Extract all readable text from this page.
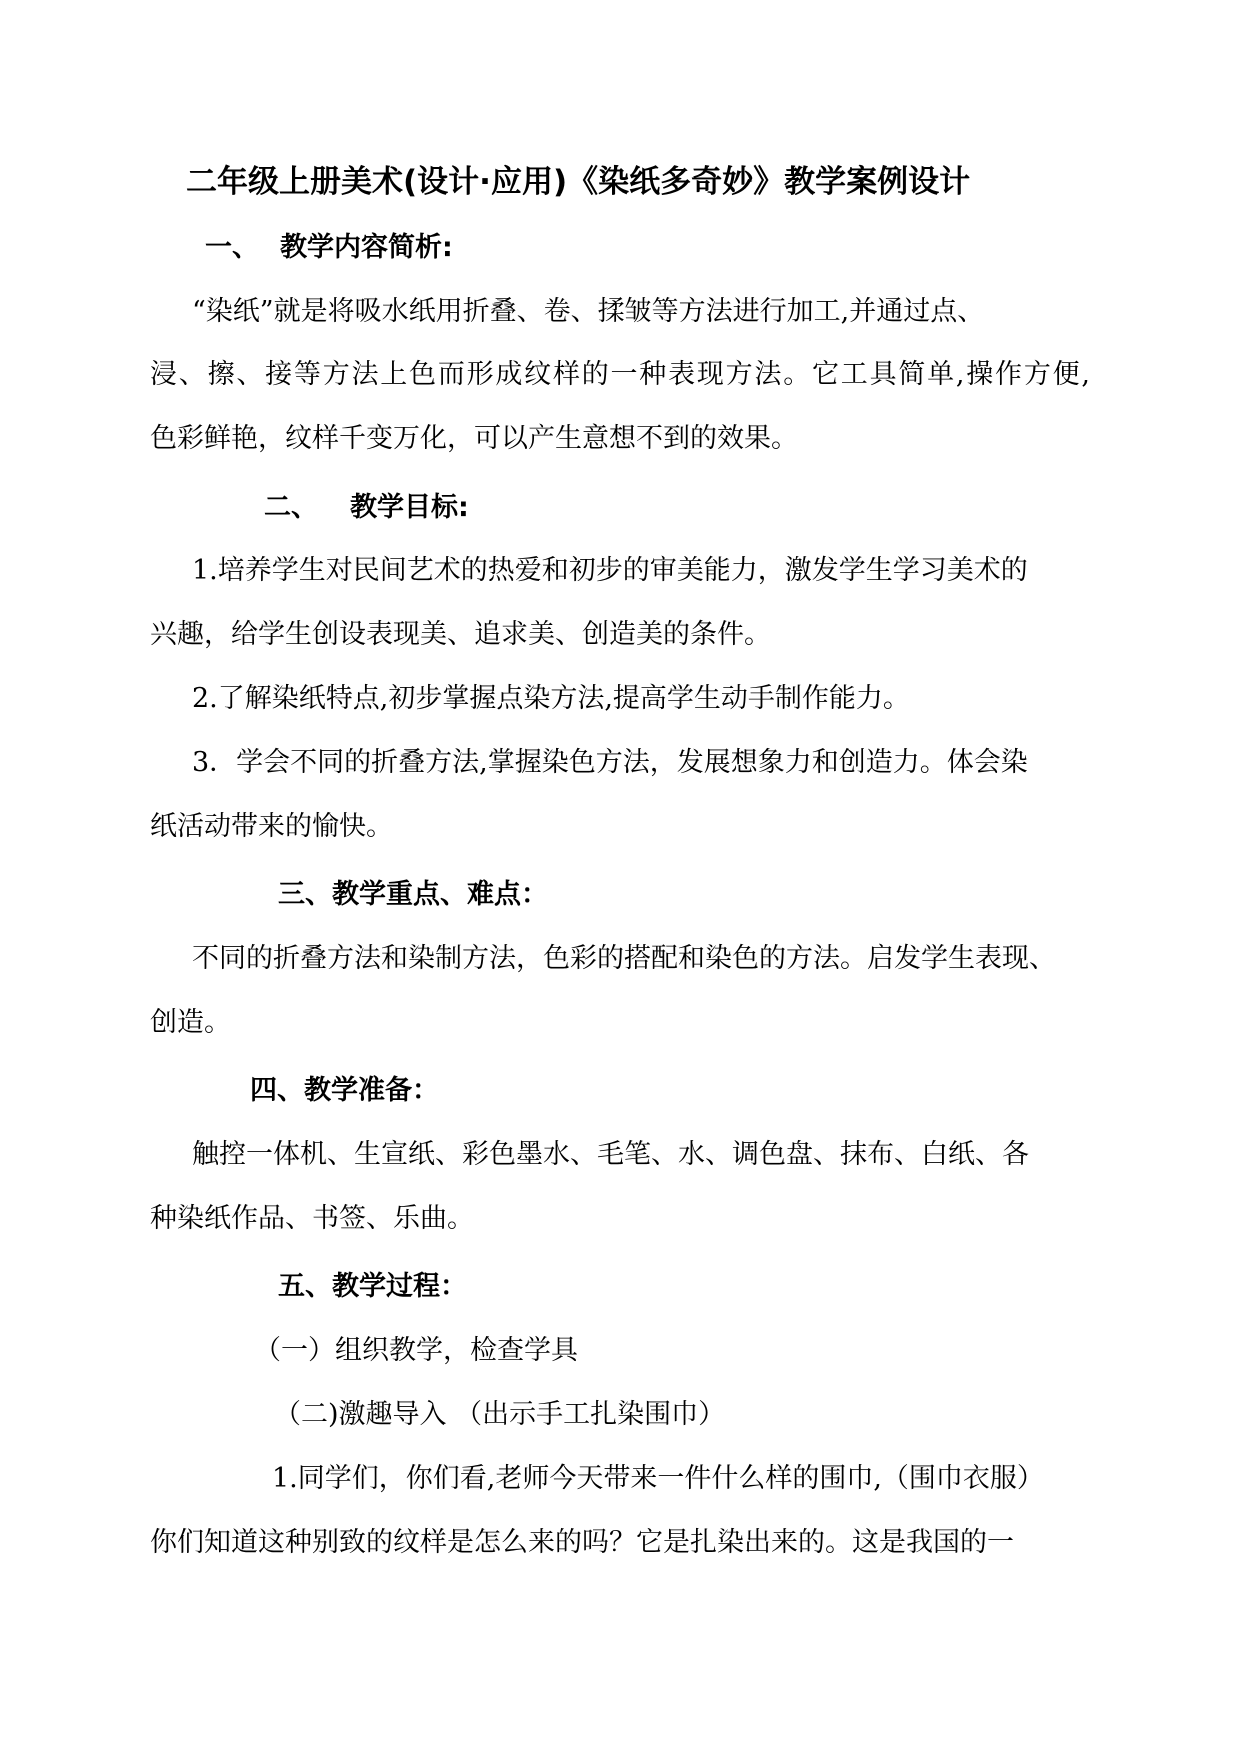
二年级上册美术(设计·应用)《染纸多奇妙》教学案例设计
一、 教学内容简析:
“染纸”就是将吸水纸用折叠、卷、揉皱等方法进行加工,并通过点、
浸、擦、接等方法上色而形成纹样的一种表现方法。它工具简单,操作方便,
色彩鲜艳，纹样千变万化，可以产生意想不到的效果。
二、 教学目标:
1.培养学生对民间艺术的热爱和初步的审美能力，激发学生学习美术的
兴趣，给学生创设表现美、追求美、创造美的条件。
2.了解染纸特点,初步掌握点染方法,提高学生动手制作能力。
3．学会不同的折叠方法,掌握染色方法，发展想象力和创造力。体会染
纸活动带来的愉快。
三、教学重点、难点：
不同的折叠方法和染制方法，色彩的搭配和染色的方法。启发学生表现、
创造。
四、教学准备：
触控一体机、生宣纸、彩色墨水、毛笔、水、调色盘、抹布、白纸、各
种染纸作品、书签、乐曲。
五、教学过程：
（一）组织教学，检查学具
（二)激趣导入 （出示手工扎染围巾）
1.同学们，你们看,老师今天带来一件什么样的围巾,（围巾衣服）
你们知道这种别致的纹样是怎么来的吗？它是扎染出来的。这是我国的一
